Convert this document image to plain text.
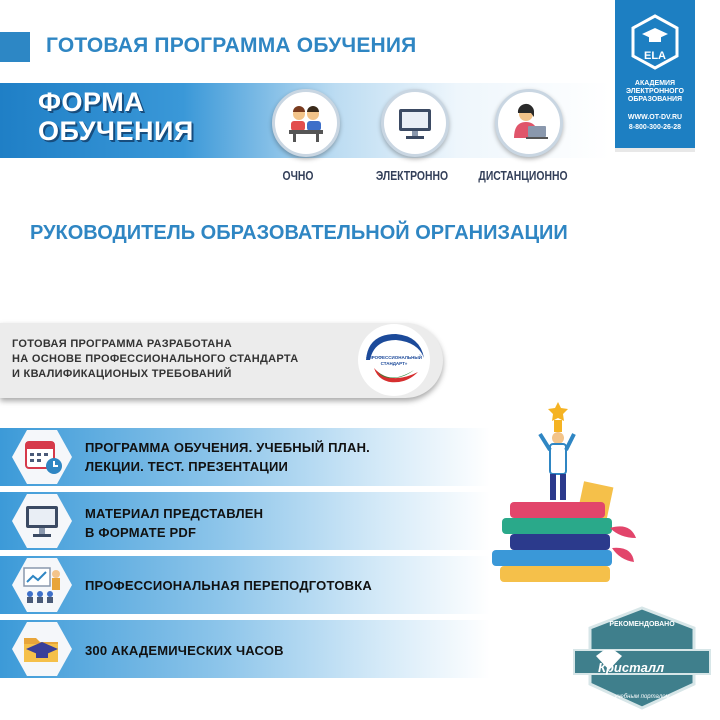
ГОТОВАЯ ПРОГРАММА ОБУЧЕНИЯ	ELA
АКАДЕМИЯ
ЭЛЕКТРОННОГО
ОБРАЗОВАНИЯ
WWW.OT-DV.RU
8-800-300-26-28
ФОРМА
ОБУЧЕНИЯ
ОЧНО	ЭЛЕКТРОННО	ДИСТАНЦИОННО
РУКОВОДИТЕЛЬ ОБРАЗОВАТЕЛЬНОЙ ОРГАНИЗАЦИИ
ГОТОВАЯ ПРОГРАММА РАЗРАБОТАНА
НА ОСНОВЕ ПРОФЕССИОНАЛЬНОГО СТАНДАРТА
И КВАЛИФИКАЦИОНЫХ ТРЕБОВАНИЙ
«ПРОФЕССИОНАЛЬНЫЙ
СТАНДАРТ»
ПРОГРАММА ОБУЧЕНИЯ. УЧЕБНЫЙ ПЛАН.
ЛЕКЦИИ. ТЕСТ. ПРЕЗЕНТАЦИИ
МАТЕРИАЛ ПРЕДСТАВЛЕН
В ФОРМАТЕ PDF
ПРОФЕССИОНАЛЬНАЯ ПЕРЕПОДГОТОВКА
300 АКАДЕМИЧЕСКИХ ЧАСОВ
РЕКОМЕНДОВАНО
учебным порталом
Кристалл
